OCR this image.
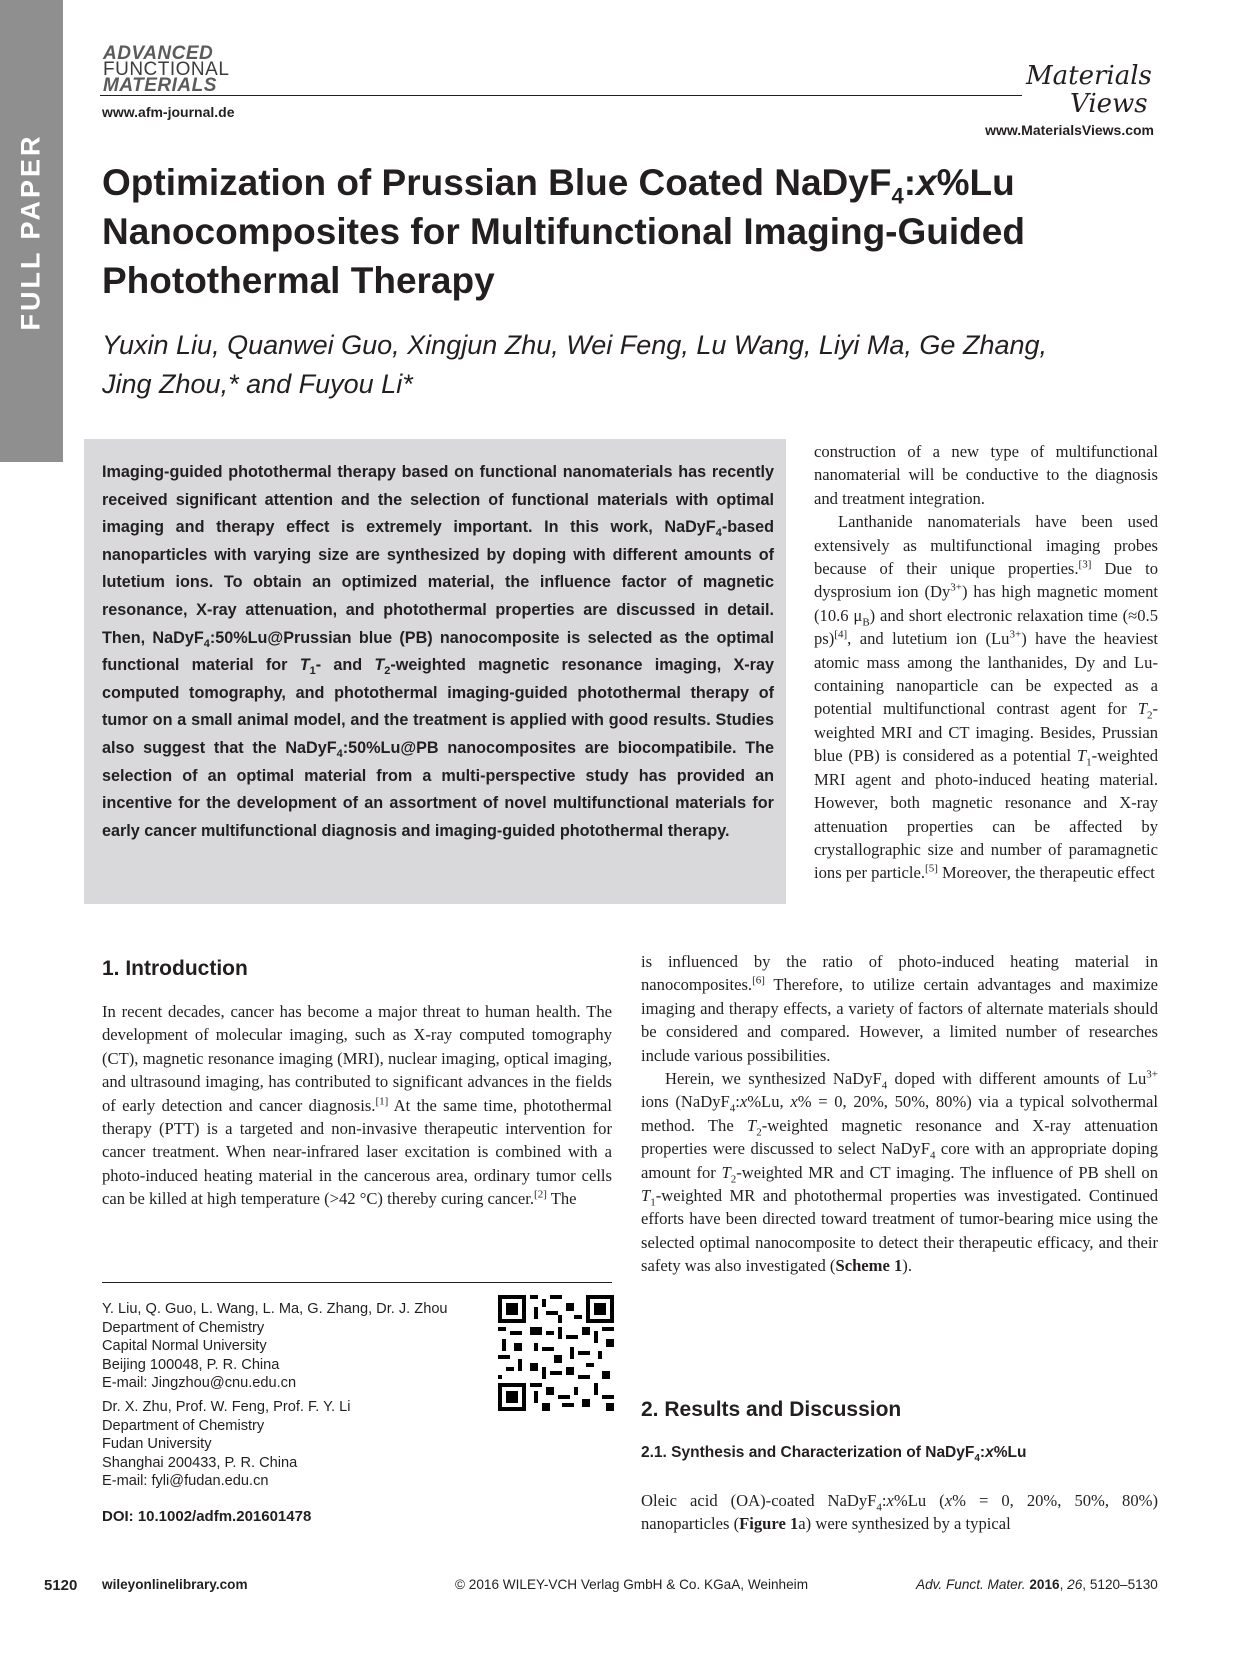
FULL PAPER
ADVANCED
FUNCTIONAL
MATERIALS
www.afm-journal.de
Materials
Views
www.MaterialsViews.com
Optimization of Prussian Blue Coated NaDyF$_4$:x%Lu
Nanocomposites for Multifunctional Imaging-Guided
Photothermal Therapy
Yuxin Liu, Quanwei Guo, Xingjun Zhu, Wei Feng, Lu Wang, Liyi Ma, Ge Zhang,
Jing Zhou,* and Fuyou Li*

Imaging-guided photothermal therapy based on functional nanomaterials has recently received significant attention and the selection of functional materials with optimal imaging and therapy effect is extremely important. In this work, NaDyF$_4$-based nanoparticles with varying size are synthesized by doping with different amounts of lutetium ions. To obtain an optimized material, the influence factor of magnetic resonance, X-ray attenuation, and photothermal properties are discussed in detail. Then, NaDyF$_4$:50%Lu@Prussian blue (PB) nanocomposite is selected as the optimal functional material for $T_1-$ and $T_2$-weighted magnetic resonance imaging, X-ray computed tomography, and photothermal imaging-guided photothermal therapy of tumor on a small animal model, and the treatment is applied with good results. Studies also suggest that the NaDyF$_4$:50%Lu@PB nanocomposites are biocompatibile. The selection of an optimal material from a multi-perspective study has provided an incentive for the development of an assortment of novel multifunctional materials for early cancer multifunctional diagnosis and imaging-guided photothermal therapy.

construction of a new type of multifunctional nanomaterial will be conductive to the diagnosis and treatment integration.

Lanthanide nanomaterials have been used extensively as multifunctional imaging probes because of their unique properties.[3] Due to dysprosium ion $(Dy^{3+})$ has high magnetic moment (10.6 $\mu_B$) and short electronic relaxation time (≈0.5 ps)[4], and lutetium ion $(Lu^{3+})$ have the heaviest atomic mass among the lanthanides, Dy and Lu-containing nanoparticle can be expected as a potential multifunctional contrast agent for $T_2$-weighted MRI and CT imaging. Besides, Prussian blue (PB) is considered as a potential $T_1$-weighted MRI agent and photo-induced heating material. However, both magnetic resonance and X-ray attenuation properties can be affected by crystallographic size and number of paramagnetic ions per particle.[5] Moreover, the therapeutic effect

1. Introduction

In recent decades, cancer has become a major threat to human health. The development of molecular imaging, such as X-ray computed tomography (CT), magnetic resonance imaging (MRI), nuclear imaging, optical imaging, and ultrasound imaging, has contributed to significant advances in the fields of early detection and cancer diagnosis.[1] At the same time, photothermal therapy (PTT) is a targeted and non-invasive therapeutic intervention for cancer treatment. When near-infrared laser excitation is combined with a photo-induced heating material in the cancerous area, ordinary tumor cells can be killed at high temperature (>42 °C) thereby curing cancer.[2] The

is influenced by the ratio of photo-induced heating material in nanocomposites.[6] Therefore, to utilize certain advantages and maximize imaging and therapy effects, a variety of factors of alternate materials should be considered and compared. However, a limited number of researches include various possibilities.

Herein, we synthesized NaDyF$_4$ doped with different amounts of $Lu^{3+}$ ions (NaDyF$_4$:x%Lu, x% = 0, 20%, 50%, 80%) via a typical solvothermal method. The $T_2$-weighted magnetic resonance and X-ray attenuation properties were discussed to select NaDyF$_4$ core with an appropriate doping amount for $T_2$-weighted MR and CT imaging. The influence of PB shell on $T_1$-weighted MR and photothermal properties was investigated. Continued efforts have been directed toward treatment of tumor-bearing mice using the selected optimal nanocomposite to detect their therapeutic efficacy, and their safety was also investigated (Scheme 1).

2. Results and Discussion
2.1. Synthesis and Characterization of NaDyF$_4$:x%Lu

Oleic acid (OA)-coated NaDyF$_4$:x%Lu (x% = 0, 20%, 50%, 80%) nanoparticles (Figure 1a) were synthesized by a typical

Y. Liu, Q. Guo, L. Wang, L. Ma, G. Zhang, Dr. J. Zhou
Department of Chemistry
Capital Normal University
Beijing 100048, P. R. China
E-mail: Jingzhou@cnu.edu.cn
Dr. X. Zhu, Prof. W. Feng, Prof. F. Y. Li
Department of Chemistry
Fudan University
Shanghai 200433, P. R. China
E-mail: fyli@fudan.edu.cn
DOI: 10.1002/adfm.201601478
5120 wileyonlinelibrary.com	© 2016 WILEY-VCH Verlag GmbH & Co. KGaA, Weinheim	Adv. Funct. Mater. 2016, 26, 5120–5130
